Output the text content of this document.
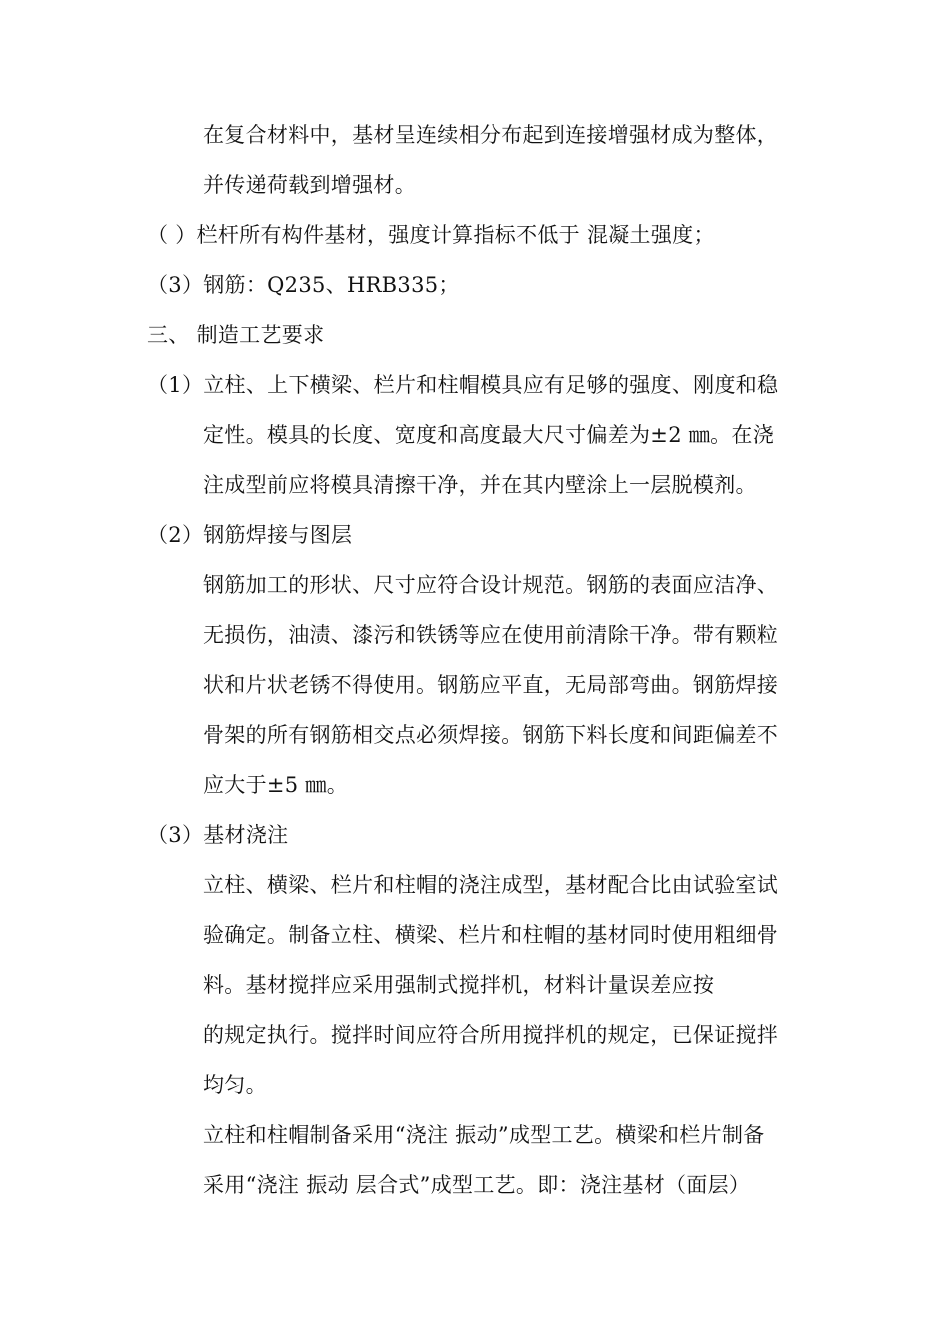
在复合材料中，基材呈连续相分布起到连接增强材成为整体，
并传递荷载到增强材。
（ ）栏杆所有构件基材，强度计算指标不低于 混凝土强度；
（3）钢筋：Q235、HRB335；
三、 制造工艺要求
（1）立柱、上下横梁、栏片和柱帽模具应有足够的强度、刚度和稳
定性。模具的长度、宽度和高度最大尺寸偏差为±2 ㎜。在浇
注成型前应将模具清擦干净，并在其内壁涂上一层脱模剂。
（2）钢筋焊接与图层
钢筋加工的形状、尺寸应符合设计规范。钢筋的表面应洁净、
无损伤，油渍、漆污和铁锈等应在使用前清除干净。带有颗粒
状和片状老锈不得使用。钢筋应平直，无局部弯曲。钢筋焊接
骨架的所有钢筋相交点必须焊接。钢筋下料长度和间距偏差不
应大于±5 ㎜。
（3）基材浇注
立柱、横梁、栏片和柱帽的浇注成型，基材配合比由试验室试
验确定。制备立柱、横梁、栏片和柱帽的基材同时使用粗细骨
料。基材搅拌应采用强制式搅拌机，材料计量误差应按
的规定执行。搅拌时间应符合所用搅拌机的规定，已保证搅拌
均匀。
立柱和柱帽制备采用“浇注 振动”成型工艺。横梁和栏片制备
采用“浇注 振动 层合式”成型工艺。即：浇注基材（面层）
